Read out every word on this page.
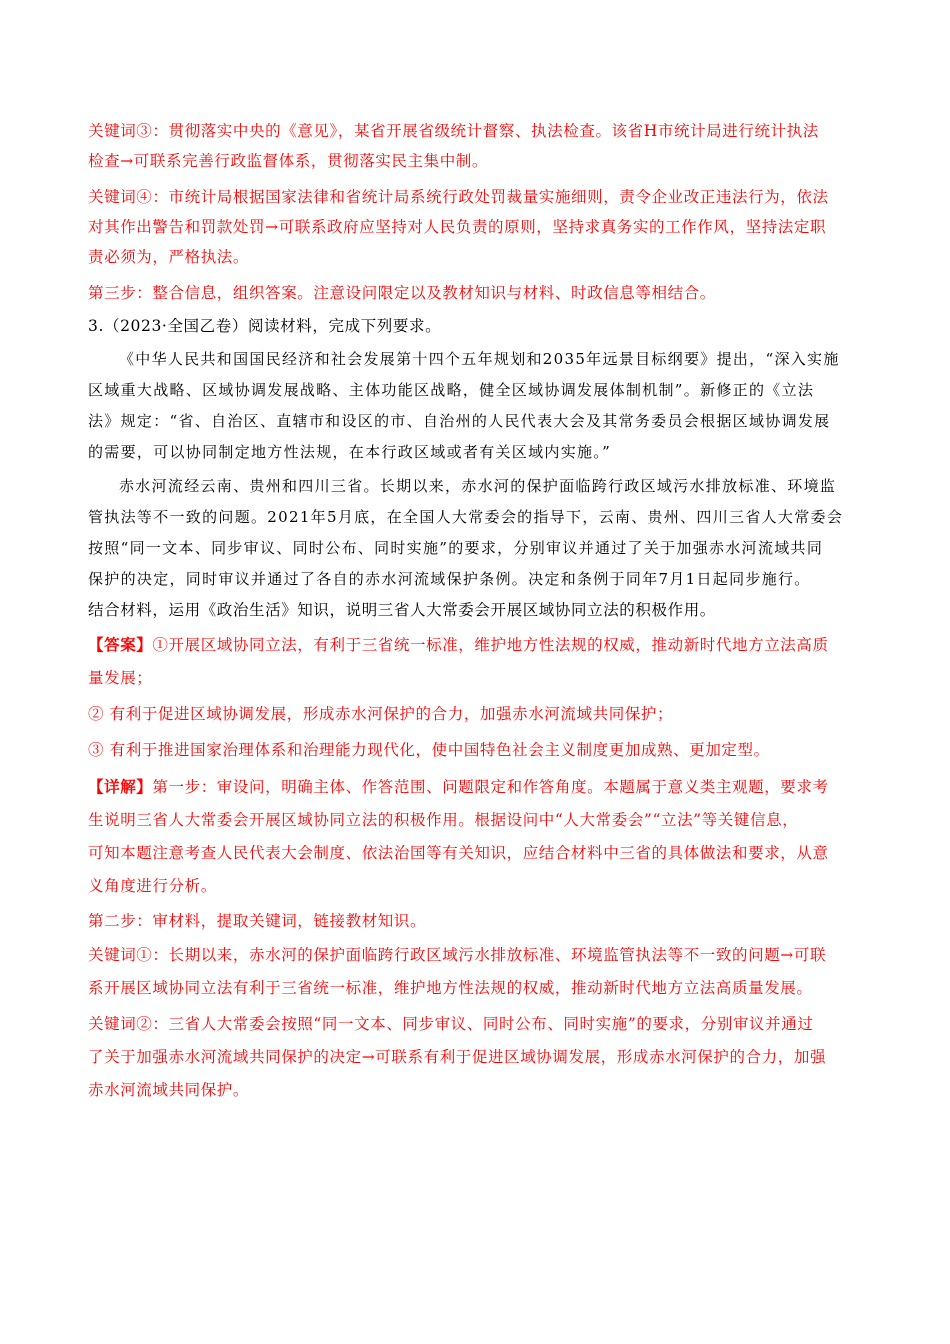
关键词③：贯彻落实中央的《意见》，某省开展省级统计督察、执法检查。该省H市统计局进行统计执法
检查→可联系完善行政监督体系，贯彻落实民主集中制。
关键词④：市统计局根据国家法律和省统计局系统行政处罚裁量实施细则，责令企业改正违法行为，依法
对其作出警告和罚款处罚→可联系政府应坚持对人民负责的原则，坚持求真务实的工作作风，坚持法定职
责必须为，严格执法。
第三步：整合信息，组织答案。注意设问限定以及教材知识与材料、时政信息等相结合。
3.（2023·全国乙卷）阅读材料，完成下列要求。
《中华人民共和国国民经济和社会发展第十四个五年规划和2035年远景目标纲要》提出，“深入实施
区域重大战略、区域协调发展战略、主体功能区战略，健全区域协调发展体制机制”。新修正的《立法
法》规定：“省、自治区、直辖市和设区的市、自治州的人民代表大会及其常务委员会根据区域协调发展
的需要，可以协同制定地方性法规，在本行政区域或者有关区域内实施。”
赤水河流经云南、贵州和四川三省。长期以来，赤水河的保护面临跨行政区域污水排放标准、环境监
管执法等不一致的问题。2021年5月底，在全国人大常委会的指导下，云南、贵州、四川三省人大常委会
按照“同一文本、同步审议、同时公布、同时实施”的要求，分别审议并通过了关于加强赤水河流域共同
保护的决定，同时审议并通过了各自的赤水河流域保护条例。决定和条例于同年7月1日起同步施行。
结合材料，运用《政治生活》知识，说明三省人大常委会开展区域协同立法的积极作用。
【答案】①开展区域协同立法，有利于三省统一标准，维护地方性法规的权威，推动新时代地方立法高质
量发展；
② 有利于促进区域协调发展，形成赤水河保护的合力，加强赤水河流域共同保护；
③ 有利于推进国家治理体系和治理能力现代化，使中国特色社会主义制度更加成熟、更加定型。
【详解】第一步：审设问，明确主体、作答范围、问题限定和作答角度。本题属于意义类主观题，要求考
生说明三省人大常委会开展区域协同立法的积极作用。根据设问中“人大常委会”“立法”等关键信息，
可知本题注意考查人民代表大会制度、依法治国等有关知识，应结合材料中三省的具体做法和要求，从意
义角度进行分析。
第二步：审材料，提取关键词，链接教材知识。
关键词①：长期以来，赤水河的保护面临跨行政区域污水排放标准、环境监管执法等不一致的问题→可联
系开展区域协同立法有利于三省统一标准，维护地方性法规的权威，推动新时代地方立法高质量发展。
关键词②：三省人大常委会按照“同一文本、同步审议、同时公布、同时实施”的要求，分别审议并通过
了关于加强赤水河流域共同保护的决定→可联系有利于促进区域协调发展，形成赤水河保护的合力，加强
赤水河流域共同保护。
